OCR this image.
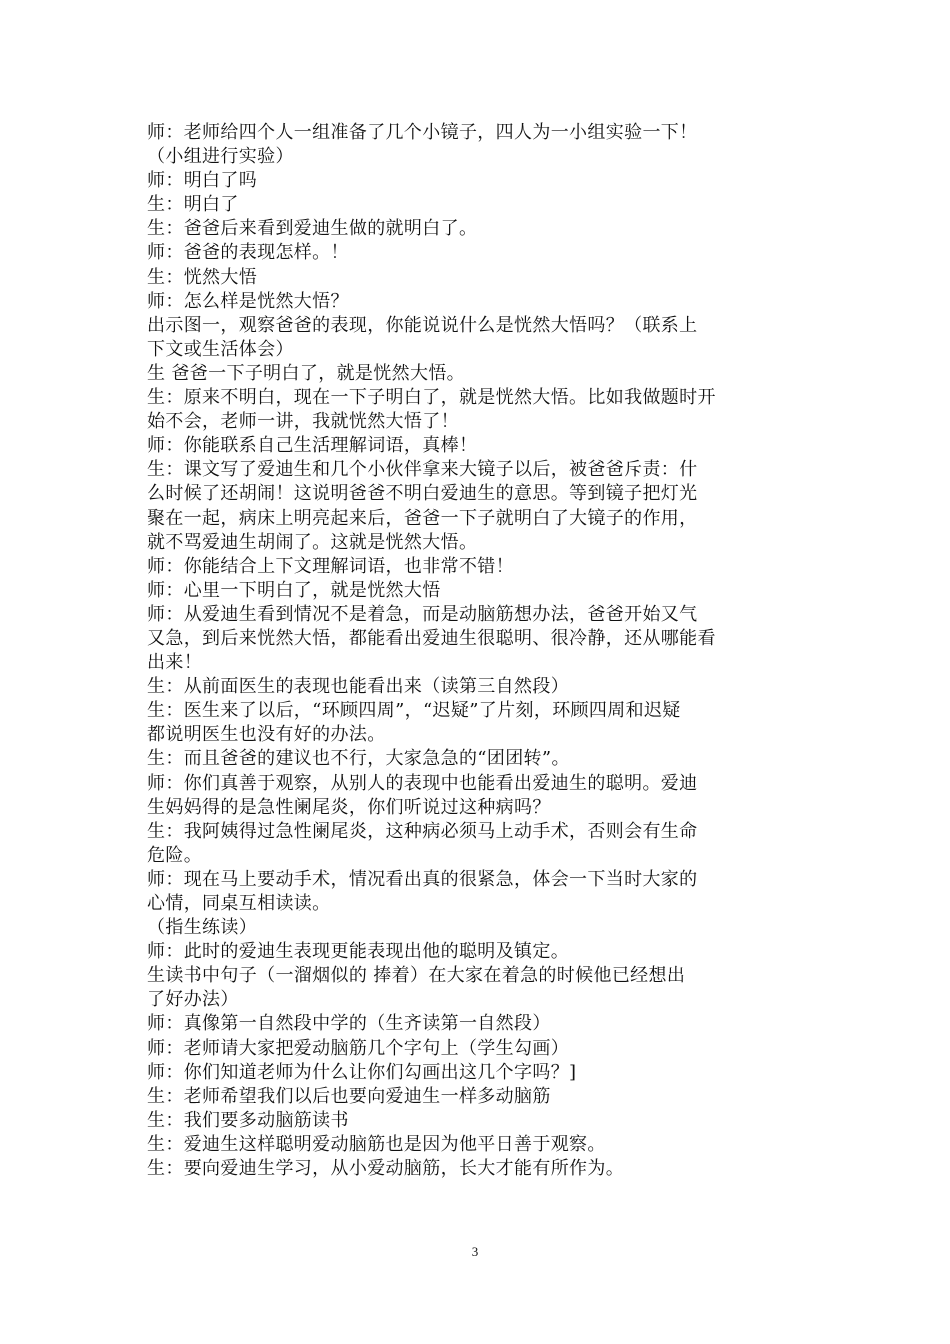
师：老师给四个人一组准备了几个小镜子，四人为一小组实验一下！
（小组进行实验）
师：明白了吗
生：明白了
生：爸爸后来看到爱迪生做的就明白了。
师：爸爸的表现怎样。！
生：恍然大悟
师：怎么样是恍然大悟？
出示图一，观察爸爸的表现，你能说说什么是恍然大悟吗？（联系上
下文或生活体会）
生 爸爸一下子明白了，就是恍然大悟。
生：原来不明白，现在一下子明白了，就是恍然大悟。比如我做题时开
始不会，老师一讲，我就恍然大悟了！
师：你能联系自己生活理解词语，真棒！
生：课文写了爱迪生和几个小伙伴拿来大镜子以后，被爸爸斥责：什
么时候了还胡闹！这说明爸爸不明白爱迪生的意思。等到镜子把灯光
聚在一起，病床上明亮起来后，爸爸一下子就明白了大镜子的作用，
就不骂爱迪生胡闹了。这就是恍然大悟。
师：你能结合上下文理解词语，也非常不错！
师：心里一下明白了，就是恍然大悟
师：从爱迪生看到情况不是着急，而是动脑筋想办法，爸爸开始又气
又急，到后来恍然大悟，都能看出爱迪生很聪明、很冷静，还从哪能看
出来！
生：从前面医生的表现也能看出来（读第三自然段）
生：医生来了以后，“环顾四周”，“迟疑”了片刻，环顾四周和迟疑
都说明医生也没有好的办法。
生：而且爸爸的建议也不行，大家急急的“团团转”。
师：你们真善于观察，从别人的表现中也能看出爱迪生的聪明。爱迪
生妈妈得的是急性阑尾炎，你们听说过这种病吗？
生：我阿姨得过急性阑尾炎，这种病必须马上动手术，否则会有生命
危险。
师：现在马上要动手术，情况看出真的很紧急，体会一下当时大家的
心情，同桌互相读读。
（指生练读）
师：此时的爱迪生表现更能表现出他的聪明及镇定。
生读书中句子（一溜烟似的 捧着）在大家在着急的时候他已经想出
了好办法）
师：真像第一自然段中学的（生齐读第一自然段）
师：老师请大家把爱动脑筋几个字句上（学生勾画）
师：你们知道老师为什么让你们勾画出这几个字吗？]
生：老师希望我们以后也要向爱迪生一样多动脑筋
生：我们要多动脑筋读书
生：爱迪生这样聪明爱动脑筋也是因为他平日善于观察。
生：要向爱迪生学习，从小爱动脑筋，长大才能有所作为。
3
